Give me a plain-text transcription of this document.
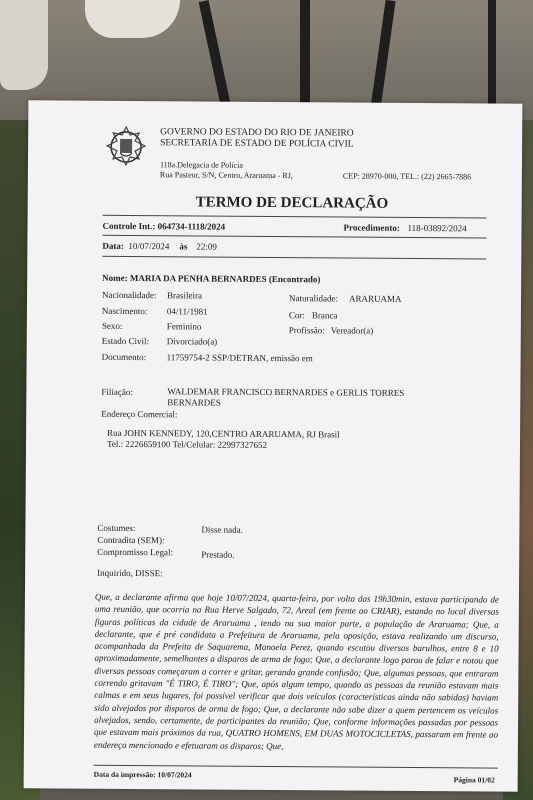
GOVERNO DO ESTADO DO RIO DE JANEIRO
SECRETARIA DE ESTADO DE POLÍCIA CIVIL
118a.Delegacia de Polícia
Rua Pasteur, S/N, Centro, Araruama - RJ,	CEP: 28970-000, TEL.: (22) 2665-7886
TERMO DE DECLARAÇÃO
Controle Int.: 064734-1118/2024	Procedimento: 118-03892/2024
Data: 10/07/2024 às 22:09
Nome: MARIA DA PENHA BERNARDES (Encontrado)
Nacionalidade: Brasileira	Naturalidade: ARARUAMA
Nascimento: 04/11/1981	Cor: Branca
Sexo:	Feminino	Profissão: Vereador(a)
Estado Civil: Divorciado(a)
Documento: 11759754-2 SSP/DETRAN, emissão em
Filiação:	WALDEMAR FRANCISCO BERNARDES e GERLIS TORRES
BERNARDES
Endereço Comercial:
Rua JOHN KENNEDY, 120,CENTRO ARARUAMA, RJ Brasil
Tel.: 2226659100 Tel/Celular: 22997327652
Costumes:	Disse nada.
Contradita (SEM):
Compromisso Legal:	Prestado.
Inquirido, DISSE:
Que, a declarante afirma que hoje 10/07/2024, quarta-feira, por volta das 19h30min, estava participando de uma reunião, que ocorria na Rua Herve Salgado, 72, Areal (em frente ao CRIAR), estando no local diversas figuras políticas da cidade de Araruama , tendo na sua maior parte, a população de Araruama; Que, a declarante, que é pré candidata a Prefeitura de Araruama, pela oposição, estava realizando um discurso, acompanhada da Prefeita de Saquarema, Manoela Perez, quando escutou diversos barulhos, entre 8 e 10 aproximadamente, semelhantes a disparos de arma de fogo; Que, a declarante logo parou de falar e notou que diversas pessoas começaram a correr e gritar, gerando grande confusão; Que, algumas pessoas, que entraram correndo gritavam "É TIRO, É TIRO"; Que, após algum tempo, quando as pessoas da reunião estavam mais calmas e em seus lugares, foi possível verificar que dois veículos (características ainda não sabidas) haviam sido alvejados por disparos de arma de fogo; Que, a declarante não sabe dizer a quem pertencem os veículos alvejados, sendo, certamente, de participantes da reunião; Que, conforme informações passadas por pessoas que estavam mais próximos da rua, QUATRO HOMENS, EM DUAS MOTOCICLETAS, passaram em frente ao endereço mencionado e efetuaram os disparos; Que,
Data da impressão: 10/07/2024
Página 01/02
